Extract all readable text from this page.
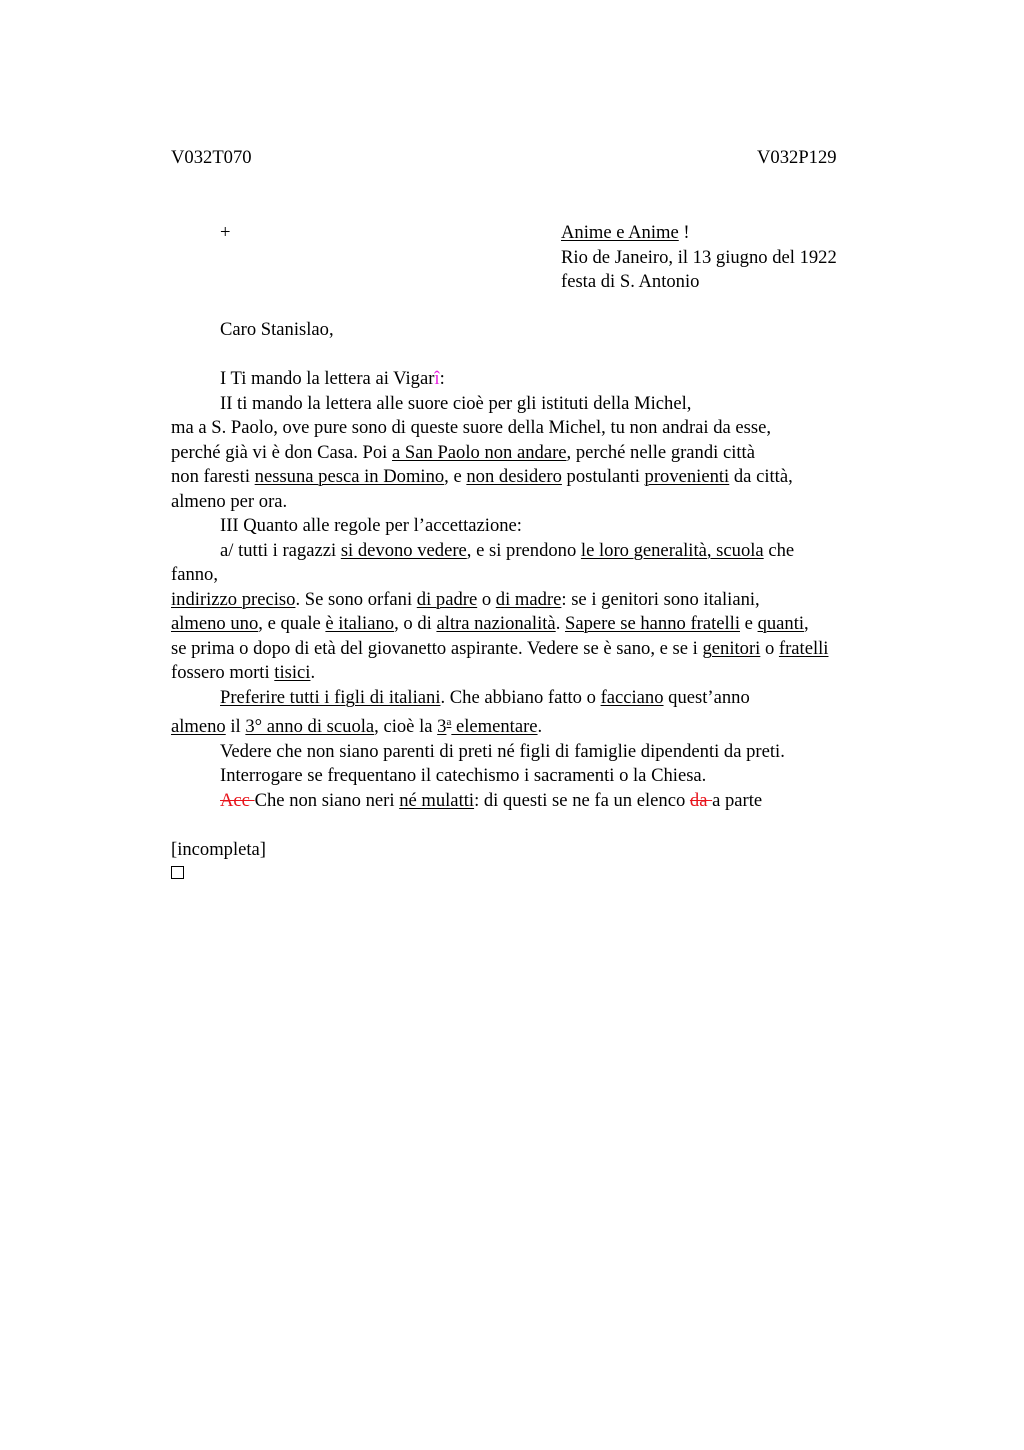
V032T070	V032P129
+	Anime e Anime !
Rio de Janeiro, il 13 giugno del 1922
festa di S. Antonio
Caro Stanislao,
I Ti mando la lettera ai Vigarî:
II ti mando la lettera alle suore cioè per gli istituti della Michel,
ma a S. Paolo, ove pure sono di queste suore della Michel, tu non andrai da esse,
perché già vi è don Casa. Poi a San Paolo non andare, perché nelle grandi città
non faresti nessuna pesca in Domino, e non desidero postulanti provenienti da città,
almeno per ora.
III Quanto alle regole per l’accettazione:
a/ tutti i ragazzi si devono vedere, e si prendono le loro generalità, scuola che
fanno,
indirizzo preciso. Se sono orfani di padre o di madre: se i genitori sono italiani,
almeno uno, e quale è italiano, o di altra nazionalità. Sapere se hanno fratelli e quanti,
se prima o dopo di età del giovanetto aspirante. Vedere se è sano, e se i genitori o fratelli
fossero morti tisici.
Preferire tutti i figli di italiani. Che abbiano fatto o facciano quest’anno
almeno il 3° anno di scuola, cioè la 3$^a$ elementare.
Vedere che non siano parenti di preti né figli di famiglie dipendenti da preti.
Interrogare se frequentano il catechismo i sacramenti o la Chiesa.
Acc Che non siano neri né mulatti: di questi se ne fa un elenco da a parte
[incompleta]
